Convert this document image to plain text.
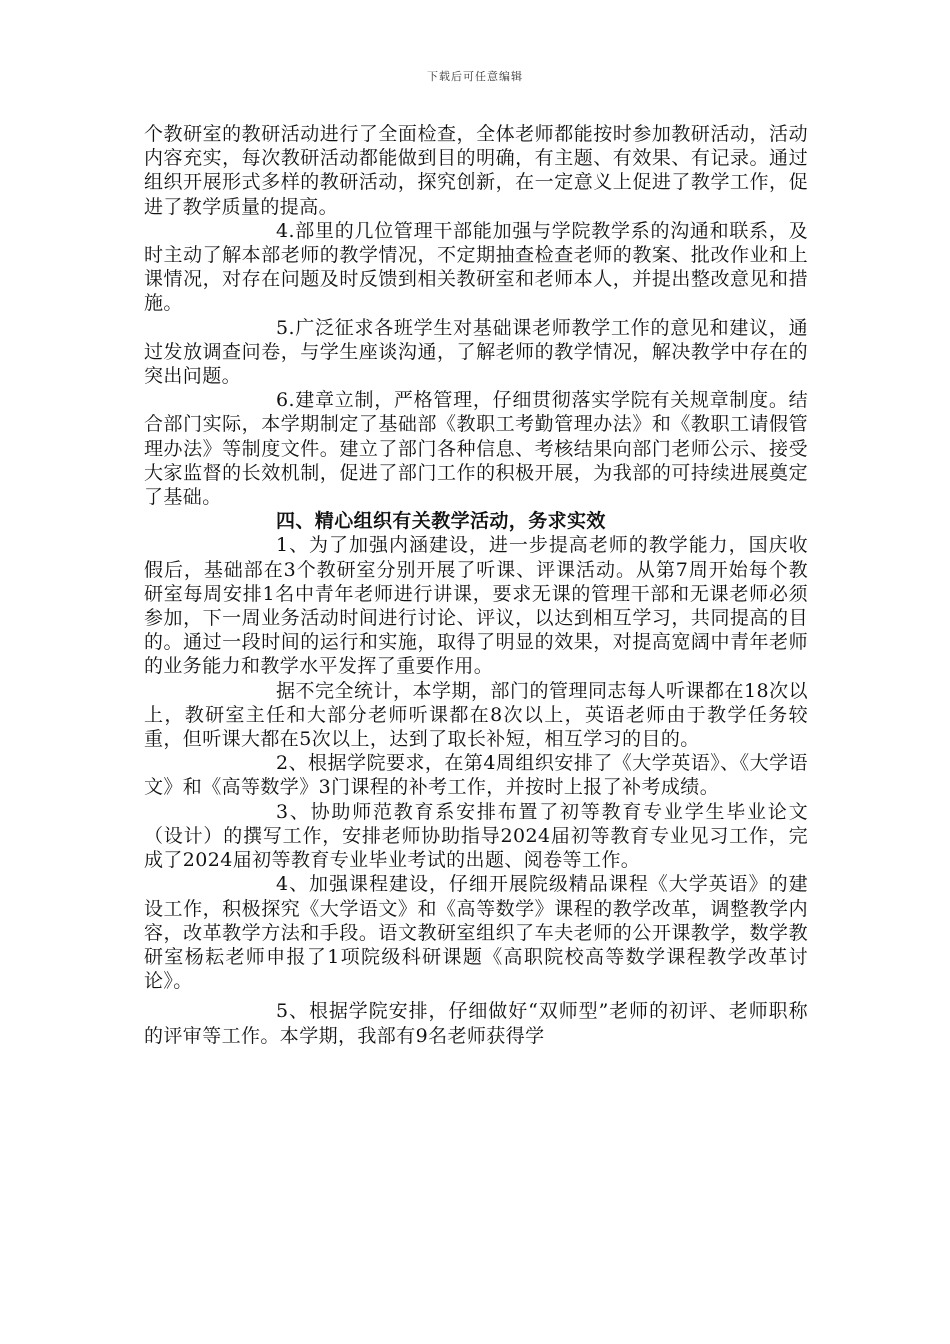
下载后可任意编辑

个教研室的教研活动进行了全面检查，全体老师都能按时参加教研活动，活动内容充实，每次教研活动都能做到目的明确，有主题、有效果、有记录。通过组织开展形式多样的教研活动，探究创新，在一定意义上促进了教学工作，促进了教学质量的提高。

4.部里的几位管理干部能加强与学院教学系的沟通和联系，及时主动了解本部老师的教学情况，不定期抽查检查老师的教案、批改作业和上课情况，对存在问题及时反馈到相关教研室和老师本人，并提出整改意见和措施。

5.广泛征求各班学生对基础课老师教学工作的意见和建议，通过发放调查问卷，与学生座谈沟通，了解老师的教学情况，解决教学中存在的突出问题。

6.建章立制，严格管理，仔细贯彻落实学院有关规章制度。结合部门实际，本学期制定了基础部《教职工考勤管理办法》和《教职工请假管理办法》等制度文件。建立了部门各种信息、考核结果向部门老师公示、接受大家监督的长效机制，促进了部门工作的积极开展，为我部的可持续进展奠定了基础。

四、精心组织有关教学活动，务求实效

1、为了加强内涵建设，进一步提高老师的教学能力，国庆收假后，基础部在3个教研室分别开展了听课、评课活动。从第7周开始每个教研室每周安排1名中青年老师进行讲课，要求无课的管理干部和无课老师必须参加，下一周业务活动时间进行讨论、评议，以达到相互学习，共同提高的目的。通过一段时间的运行和实施，取得了明显的效果，对提高宽阔中青年老师的业务能力和教学水平发挥了重要作用。

据不完全统计，本学期，部门的管理同志每人听课都在18次以上，教研室主任和大部分老师听课都在8次以上，英语老师由于教学任务较重，但听课大都在5次以上，达到了取长补短，相互学习的目的。

2、根据学院要求，在第4周组织安排了《大学英语》、《大学语文》和《高等数学》3门课程的补考工作，并按时上报了补考成绩。

3、协助师范教育系安排布置了初等教育专业学生毕业论文（设计）的撰写工作，安排老师协助指导2024届初等教育专业见习工作，完成了2024届初等教育专业毕业考试的出题、阅卷等工作。

4、加强课程建设，仔细开展院级精品课程《大学英语》的建设工作，积极探究《大学语文》和《高等数学》课程的教学改革，调整教学内容，改革教学方法和手段。语文教研室组织了车夫老师的公开课教学，数学教研室杨耘老师申报了1项院级科研课题《高职院校高等数学课程教学改革讨论》。

5、根据学院安排，仔细做好“双师型”老师的初评、老师职称的评审等工作。本学期，我部有9名老师获得学
